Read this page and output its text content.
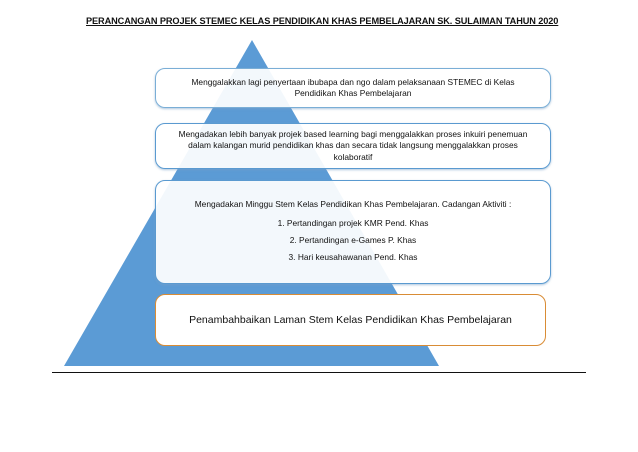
PERANCANGAN PROJEK STEMEC KELAS PENDIDIKAN KHAS PEMBELAJARAN SK. SULAIMAN TAHUN 2020
Menggalakkan lagi penyertaan ibubapa dan ngo dalam pelaksanaan STEMEC di Kelas Pendidikan Khas Pembelajaran
Mengadakan lebih banyak projek based learning bagi menggalakkan proses inkuiri penemuan dalam kalangan murid pendidikan khas dan secara tidak langsung menggalakkan proses kolaboratif
Mengadakan Minggu Stem Kelas Pendidikan Khas Pembelajaran. Cadangan Aktiviti :
1. Pertandingan projek KMR Pend. Khas
2. Pertandingan e-Games P. Khas
3. Hari keusahawanan Pend. Khas
Penambahbaikan Laman Stem Kelas Pendidikan Khas Pembelajaran
